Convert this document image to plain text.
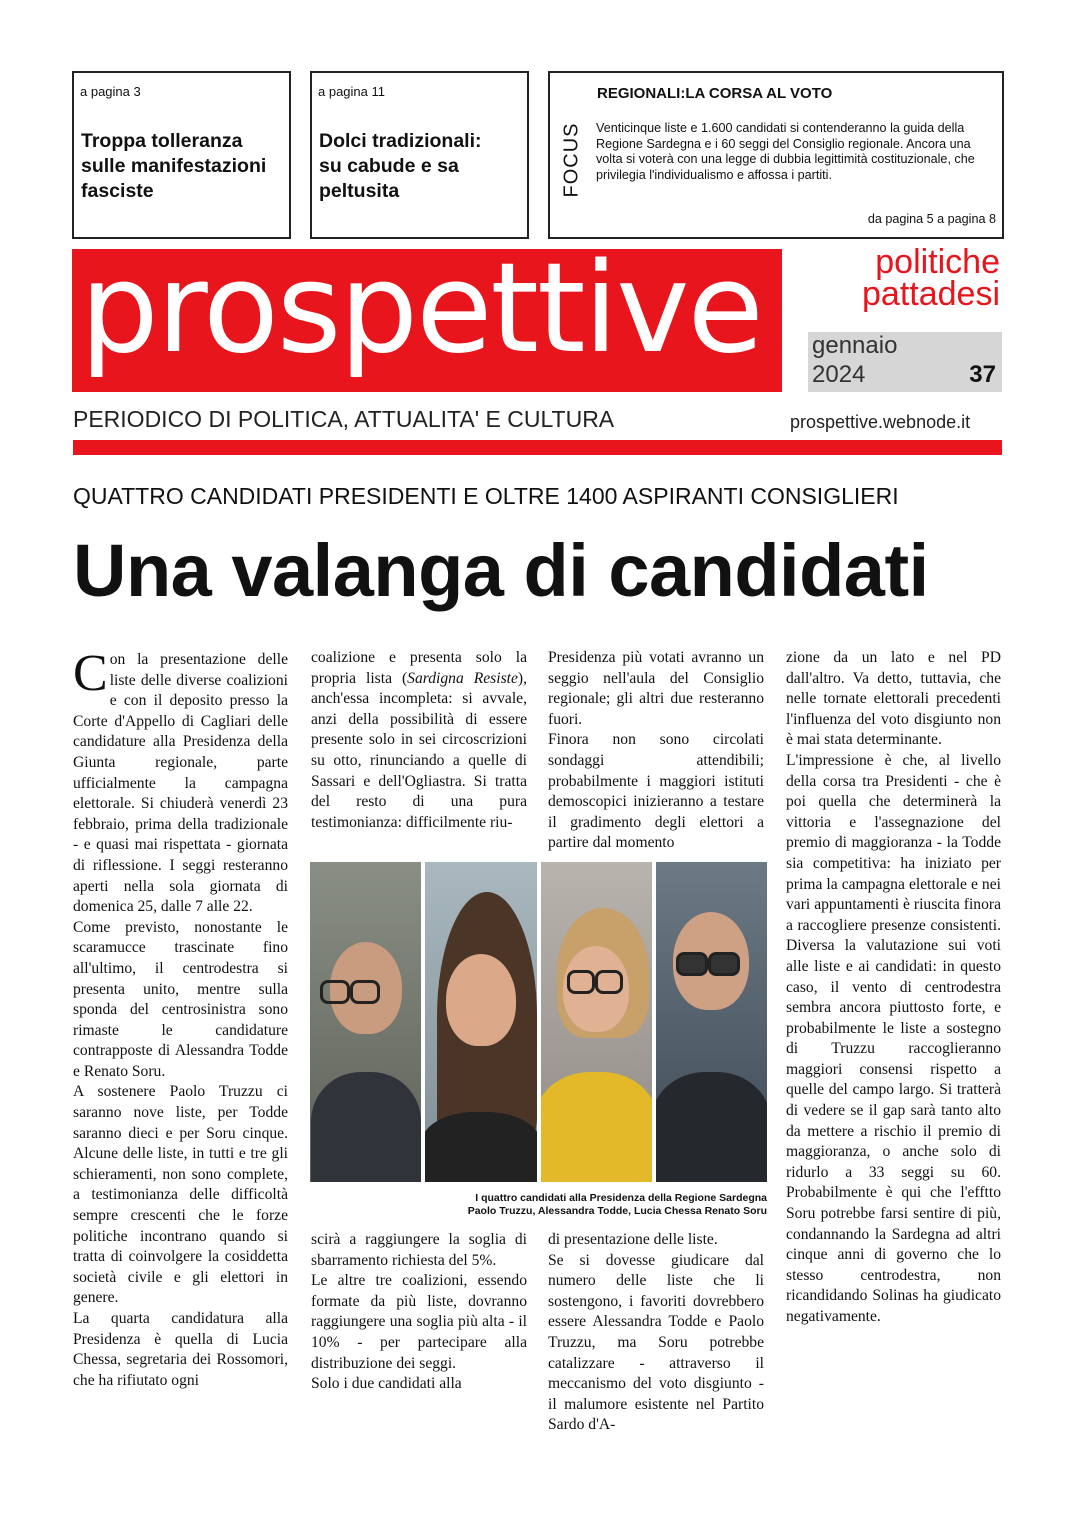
a pagina 3
Troppa tolleranza sulle manifestazioni fasciste
a pagina 11
Dolci tradizionali: su cabude e sa peltusita	FOCUS
REGIONALI:LA CORSA AL VOTO
Venticinque liste e 1.600 candidati si contenderanno la guida della Regione Sardegna e i 60 seggi del Consiglio regionale. Ancora una volta si voterà con una legge di dubbia legittimità costituzionale, che privilegia l'individualismo e affossa i partiti.
da pagina 5 a pagina 8
prospettive	politiche
pattadesi
gennaio
2024	37
PERIODICO DI POLITICA, ATTUALITA' E CULTURA	prospettive.webnode.it
QUATTRO CANDIDATI PRESIDENTI E OLTRE 1400 ASPIRANTI CONSIGLIERI
Una valanga di candidati

Con la presentazione delle liste delle diverse coalizioni e con il deposito presso la Corte d'Appello di Cagliari delle candidature alla Presidenza della Giunta regionale, parte ufficialmente la campagna elettorale. Si chiuderà venerdì 23 febbraio, prima della tradizionale - e quasi mai rispettata - giornata di riflessione. I seggi resteranno aperti nella sola giornata di domenica 25, dalle 7 alle 22.

Come previsto, nonostante le scaramucce trascinate fino all'ultimo, il centrodestra si presenta unito, mentre sulla sponda del centrosinistra sono rimaste le candidature contrapposte di Alessandra Todde e Renato Soru.

A sostenere Paolo Truzzu ci saranno nove liste, per Todde saranno dieci e per Soru cinque. Alcune delle liste, in tutti e tre gli schieramenti, non sono complete, a testimonianza delle difficoltà sempre crescenti che le forze politiche incontrano quando si tratta di coinvolgere la cosiddetta società civile e gli elettori in genere.

La quarta candidatura alla Presidenza è quella di Lucia Chessa, segretaria dei Rossomori, che ha rifiutato ogni

coalizione e presenta solo la propria lista (Sardigna Resiste), anch'essa incompleta: si avvale, anzi della possibilità di essere presente solo in sei circoscrizioni su otto, rinunciando a quelle di Sassari e dell'Ogliastra. Si tratta del resto di una pura testimonianza: difficilmente riu-

Presidenza più votati avranno un seggio nell'aula del Consiglio regionale; gli altri due resteranno fuori.

Finora non sono circolati sondaggi attendibili; probabilmente i maggiori istituti demoscopici inizieranno a testare il gradimento degli elettori a partire dal momento

I quattro candidati alla Presidenza della Regione Sardegna
Paolo Truzzu, Alessandra Todde, Lucia Chessa Renato Soru

scirà a raggiungere la soglia di sbarramento richiesta del 5%.

Le altre tre coalizioni, essendo formate da più liste, dovranno raggiungere una soglia più alta - il 10% - per partecipare alla distribuzione dei seggi.

Solo i due candidati alla

di presentazione delle liste.

Se si dovesse giudicare dal numero delle liste che li sostengono, i favoriti dovrebbero essere Alessandra Todde e Paolo Truzzu, ma Soru potrebbe catalizzare - attraverso il meccanismo del voto disgiunto - il malumore esistente nel Partito Sardo d'A-

zione da un lato e nel PD dall'altro. Va detto, tuttavia, che nelle tornate elettorali precedenti l'influenza del voto disgiunto non è mai stata determinante.

L'impressione è che, al livello della corsa tra Presidenti - che è poi quella che determinerà la vittoria e l'assegnazione del premio di maggioranza - la Todde sia competitiva: ha iniziato per prima la campagna elettorale e nei vari appuntamenti è riuscita finora a raccogliere presenze consistenti. Diversa la valutazione sui voti alle liste e ai candidati: in questo caso, il vento di centrodestra sembra ancora piuttosto forte, e probabilmente le liste a sostegno di Truzzu raccoglieranno maggiori consensi rispetto a quelle del campo largo. Si tratterà di vedere se il gap sarà tanto alto da mettere a rischio il premio di maggioranza, o anche solo di ridurlo a 33 seggi su 60. Probabilmente è qui che l'efftto Soru potrebbe farsi sentire di più, condannando la Sardegna ad altri cinque anni di governo che lo stesso centrodestra, non ricandidando Solinas ha giudicato negativamente.
